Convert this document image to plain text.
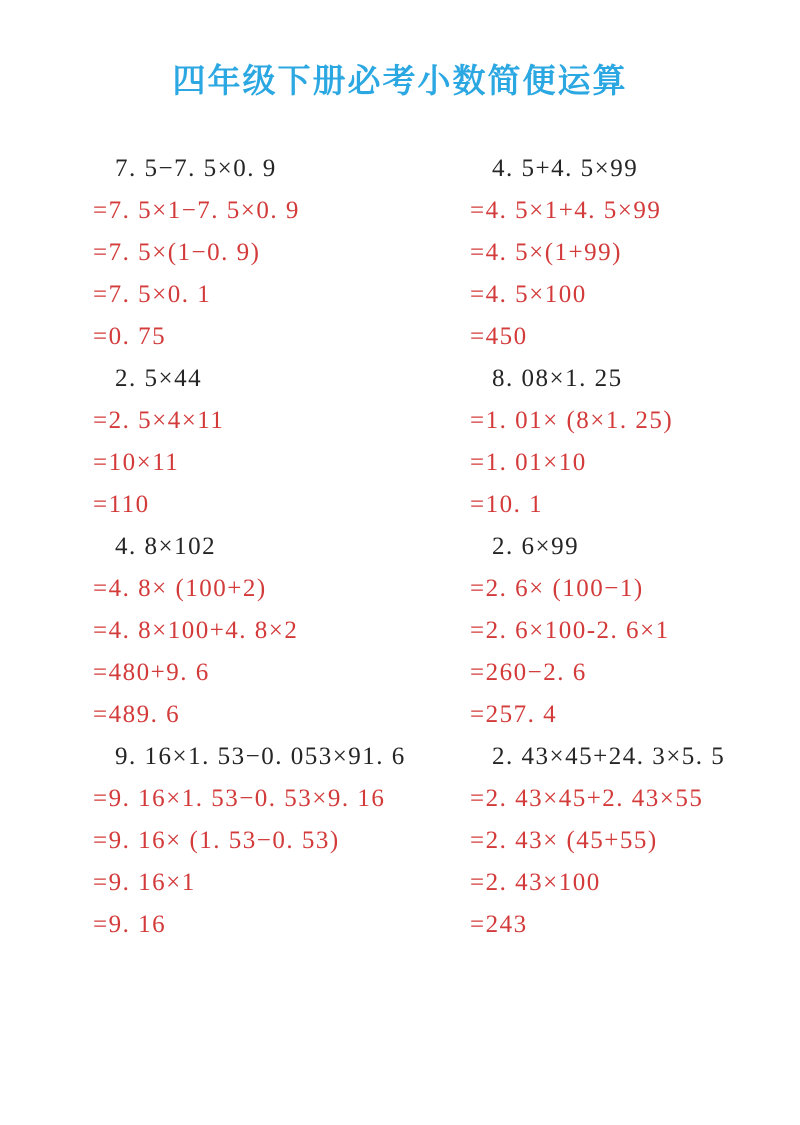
四年级下册必考小数简便运算
7. 5−7. 5×0. 9
=7. 5×1−7. 5×0. 9
=7. 5×(1−0. 9)
=7. 5×0. 1
=0. 75
2. 5×44
=2. 5×4×11
=10×11
=110
4. 8×102
=4. 8× (100+2)
=4. 8×100+4. 8×2
=480+9. 6
=489. 6
9. 16×1. 53−0. 053×91. 6
=9. 16×1. 53−0. 53×9. 16
=9. 16× (1. 53−0. 53)
=9. 16×1
=9. 16
4. 5+4. 5×99
=4. 5×1+4. 5×99
=4. 5×(1+99)
=4. 5×100
=450
8. 08×1. 25
=1. 01× (8×1. 25)
=1. 01×10
=10. 1
2. 6×99
=2. 6× (100−1)
=2. 6×100-2. 6×1
=260−2. 6
=257. 4
2. 43×45+24. 3×5. 5
=2. 43×45+2. 43×55
=2. 43× (45+55)
=2. 43×100
=243
